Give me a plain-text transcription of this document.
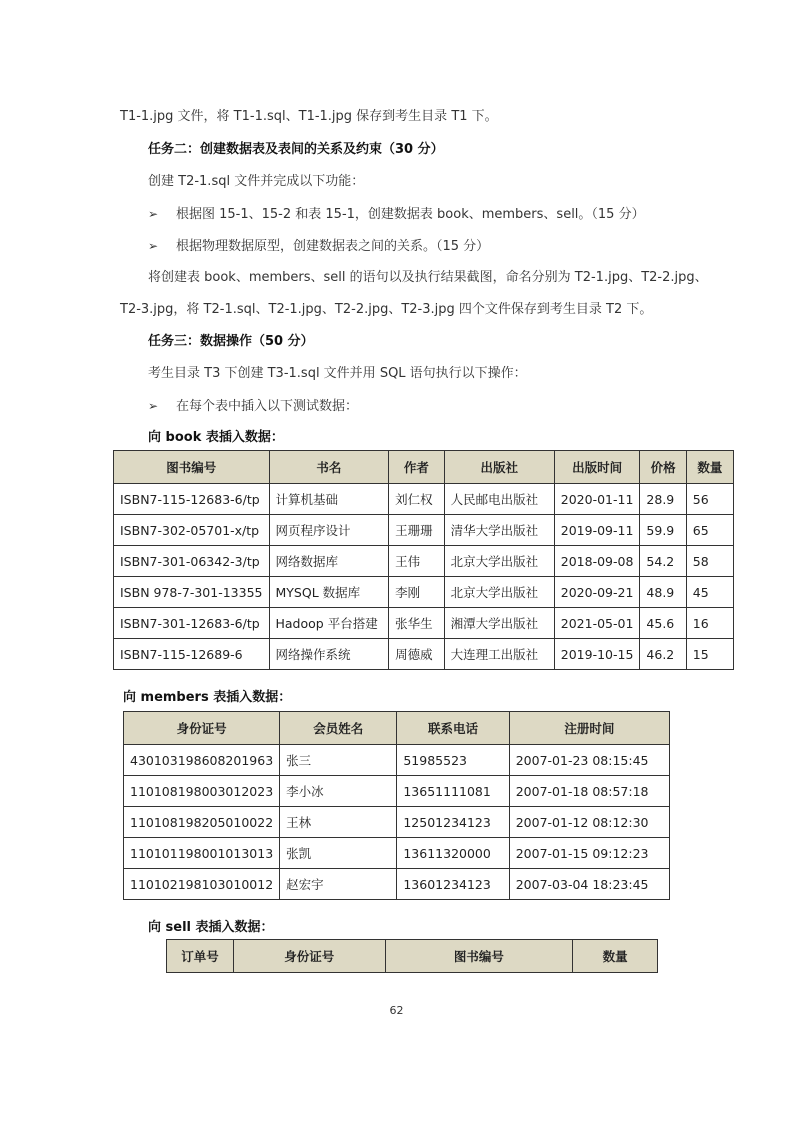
T1-1.jpg 文件，将 T1-1.sql、T1-1.jpg 保存到考生目录 T1 下。
任务二：创建数据表及表间的关系及约束（30 分）
创建 T2-1.sql 文件并完成以下功能：
➢ 根据图 15-1、15-2 和表 15-1，创建数据表 book、members、sell。（15 分）
➢ 根据物理数据原型，创建数据表之间的关系。（15 分）
将创建表 book、members、sell 的语句以及执行结果截图，命名分别为 T2-1.jpg、T2-2.jpg、
T2-3.jpg，将 T2-1.sql、T2-1.jpg、T2-2.jpg、T2-3.jpg 四个文件保存到考生目录 T2 下。
任务三：数据操作（50 分）
考生目录 T3 下创建 T3-1.sql 文件并用 SQL 语句执行以下操作：
➢ 在每个表中插入以下测试数据：
向 book 表插入数据：
图书编号	书名	作者	出版社	出版时间	价格	数量
ISBN7-115-12683-6/tp	计算机基础	刘仁权	人民邮电出版社	2020-01-11	28.9	56
ISBN7-302-05701-x/tp	网页程序设计	王珊珊	清华大学出版社	2019-09-11	59.9	65
ISBN7-301-06342-3/tp	网络数据库	王伟	北京大学出版社	2018-09-08	54.2	58
ISBN 978-7-301-13355	MYSQL 数据库	李刚	北京大学出版社	2020-09-21	48.9	45
ISBN7-301-12683-6/tp	Hadoop 平台搭建	张华生	湘潭大学出版社	2021-05-01	45.6	16
ISBN7-115-12689-6	网络操作系统	周德威	大连理工出版社	2019-10-15	46.2	15
向 members 表插入数据：
身份证号	会员姓名	联系电话	注册时间
430103198608201963	张三	51985523	2007-01-23 08:15:45
110108198003012023	李小冰	13651111081	2007-01-18 08:57:18
110108198205010022	王林	12501234123	2007-01-12 08:12:30
110101198001013013	张凯	13611320000	2007-01-15 09:12:23
110102198103010012	赵宏宇	13601234123	2007-03-04 18:23:45
向 sell 表插入数据：
订单号	身份证号	图书编号	数量
62
